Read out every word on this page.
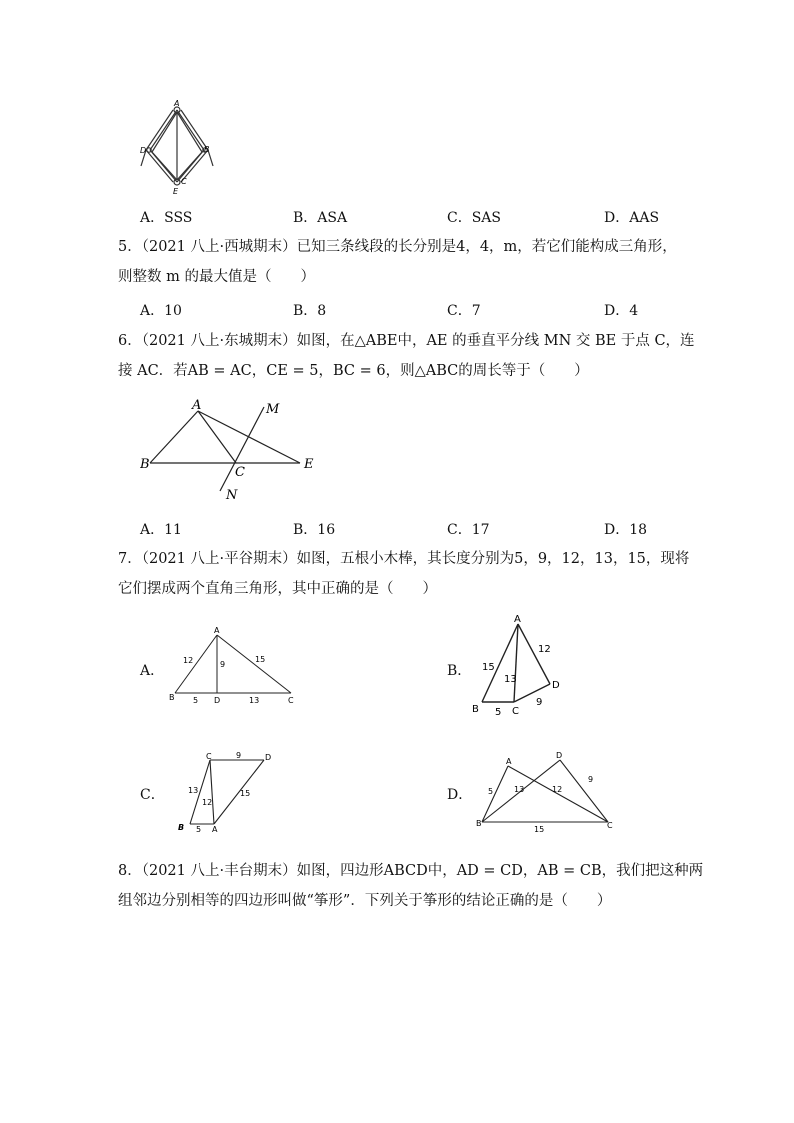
A
D	B
C
E
A．SSS	B．ASA	C．SAS	D．AAS
5．（2021 八上·西城期末）已知三条线段的长分别是4，4，m，若它们能构成三角形，
则整数 m 的最大值是（　　）
A．10	B．8	C．7	D．4
6．（2021 八上·东城期末）如图，在△ABE中，AE 的垂直平分线 MN 交 BE 于点 C，连
接 AC．若AB = AC，CE = 5，BC = 6，则△ABC的周长等于（　　）
A	M
B
C
E
N
A．11	B．16	C．17	D．18
7．（2021 八上·平谷期末）如图，五根小木棒，其长度分别为5，9，12，13，15，现将
它们摆成两个直角三角形，其中正确的是（　　）
A．
A
B	D	C
12	9
15
5	13
B．
A
B	C
D
15
12
13
5
9
C．
C	D
B	A
9
13
12
15
5
D．
A
D
B	C
5	13	12
9
15
8．（2021 八上·丰台期末）如图，四边形ABCD中，AD = CD，AB = CB，我们把这种两
组邻边分别相等的四边形叫做“筝形”．下列关于筝形的结论正确的是（　　）
